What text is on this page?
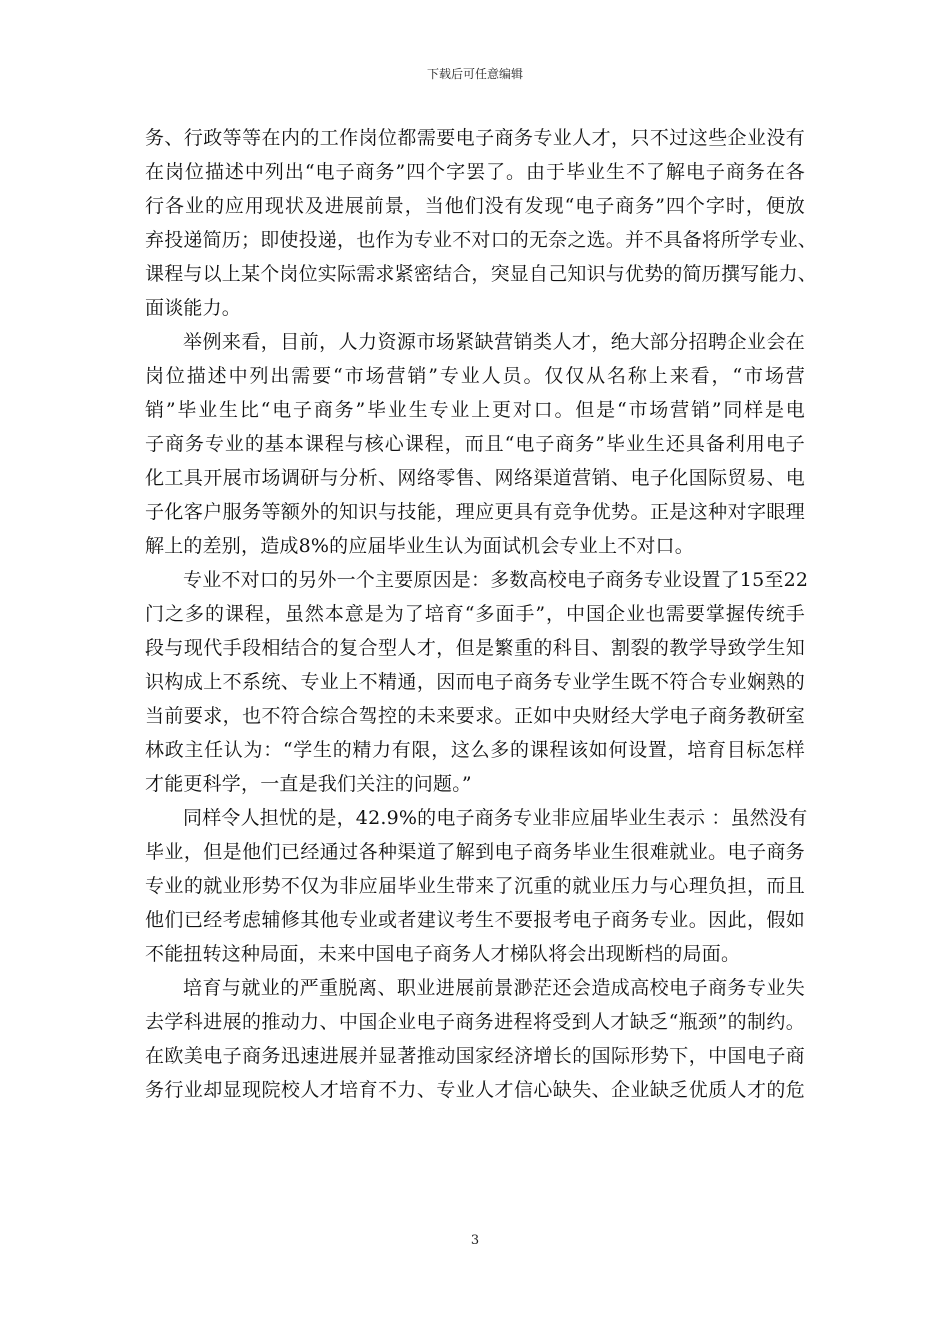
下载后可任意编辑
务、行政等等在内的工作岗位都需要电子商务专业人才，只不过这些企业没有
在岗位描述中列出“电子商务”四个字罢了。由于毕业生不了解电子商务在各
行各业的应用现状及进展前景，当他们没有发现“电子商务”四个字时，便放
弃投递简历；即使投递，也作为专业不对口的无奈之选。并不具备将所学专业、
课程与以上某个岗位实际需求紧密结合，突显自己知识与优势的简历撰写能力、
面谈能力。
举例来看，目前，人力资源市场紧缺营销类人才，绝大部分招聘企业会在
岗位描述中列出需要“市场营销”专业人员。仅仅从名称上来看，“市场营
销”毕业生比“电子商务”毕业生专业上更对口。但是“市场营销”同样是电
子商务专业的基本课程与核心课程，而且“电子商务”毕业生还具备利用电子
化工具开展市场调研与分析、网络零售、网络渠道营销、电子化国际贸易、电
子化客户服务等额外的知识与技能，理应更具有竞争优势。正是这种对字眼理
解上的差别，造成8%的应届毕业生认为面试机会专业上不对口。
专业不对口的另外一个主要原因是：多数高校电子商务专业设置了15至22
门之多的课程，虽然本意是为了培育“多面手”，中国企业也需要掌握传统手
段与现代手段相结合的复合型人才，但是繁重的科目、割裂的教学导致学生知
识构成上不系统、专业上不精通，因而电子商务专业学生既不符合专业娴熟的
当前要求，也不符合综合驾控的未来要求。正如中央财经大学电子商务教研室
林政主任认为：“学生的精力有限，这么多的课程该如何设置，培育目标怎样
才能更科学，一直是我们关注的问题。”
同样令人担忧的是，42.9%的电子商务专业非应届毕业生表示 ：虽然没有
毕业，但是他们已经通过各种渠道了解到电子商务毕业生很难就业。电子商务
专业的就业形势不仅为非应届毕业生带来了沉重的就业压力与心理负担，而且
他们已经考虑辅修其他专业或者建议考生不要报考电子商务专业。因此，假如
不能扭转这种局面，未来中国电子商务人才梯队将会出现断档的局面。
培育与就业的严重脱离、职业进展前景渺茫还会造成高校电子商务专业失
去学科进展的推动力、中国企业电子商务进程将受到人才缺乏“瓶颈”的制约。
在欧美电子商务迅速进展并显著推动国家经济增长的国际形势下，中国电子商
务行业却显现院校人才培育不力、专业人才信心缺失、企业缺乏优质人才的危
3
